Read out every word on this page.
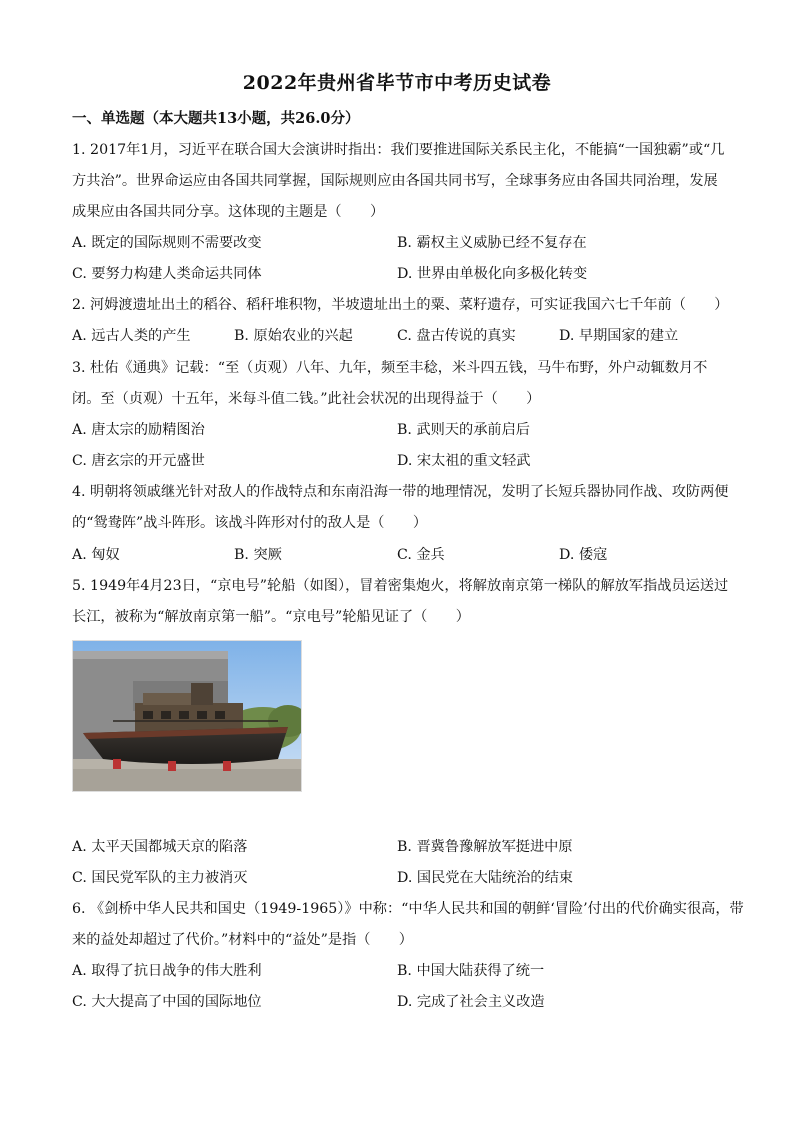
2022年贵州省毕节市中考历史试卷
一、单选题（本大题共13小题，共26.0分）
1. 2017年1月，习近平在联合国大会演讲时指出：我们要推进国际关系民主化，不能搞“一国独霸”或“几
方共治”。世界命运应由各国共同掌握，国际规则应由各国共同书写，全球事务应由各国共同治理，发展
成果应由各国共同分享。这体现的主题是（　　）
A. 既定的国际规则不需要改变	B. 霸权主义威胁已经不复存在
C. 要努力构建人类命运共同体	D. 世界由单极化向多极化转变
2. 河姆渡遗址出土的稻谷、稻秆堆积物，半坡遗址出土的粟、菜籽遗存，可实证我国六七千年前（　　）
A. 远古人类的产生	B. 原始农业的兴起	C. 盘古传说的真实	D. 早期国家的建立
3. 杜佑《通典》记载：“至（贞观）八年、九年，频至丰稔，米斗四五钱，马牛布野，外户动辄数月不
闭。至（贞观）十五年，米每斗值二钱。”此社会状况的出现得益于（　　）
A. 唐太宗的励精图治	B. 武则天的承前启后
C. 唐玄宗的开元盛世	D. 宋太祖的重文轻武
4. 明朝将领戚继光针对敌人的作战特点和东南沿海一带的地理情况，发明了长短兵器协同作战、攻防两便
的“鸳鸯阵”战斗阵形。该战斗阵形对付的敌人是（　　）
A. 匈奴	B. 突厥	C. 金兵	D. 倭寇
5. 1949年4月23日，“京电号”轮船（如图），冒着密集炮火，将解放南京第一梯队的解放军指战员运送过
长江，被称为“解放南京第一船”。“京电号”轮船见证了（　　）
A. 太平天国都城天京的陷落	B. 晋冀鲁豫解放军挺进中原
C. 国民党军队的主力被消灭	D. 国民党在大陆统治的结束
6. 《剑桥中华人民共和国史（1949-1965）》中称：“中华人民共和国的朝鲜‘冒险’付出的代价确实很高，带
来的益处却超过了代价。”材料中的“益处”是指（　　）
A. 取得了抗日战争的伟大胜利	B. 中国大陆获得了统一
C. 大大提高了中国的国际地位	D. 完成了社会主义改造
